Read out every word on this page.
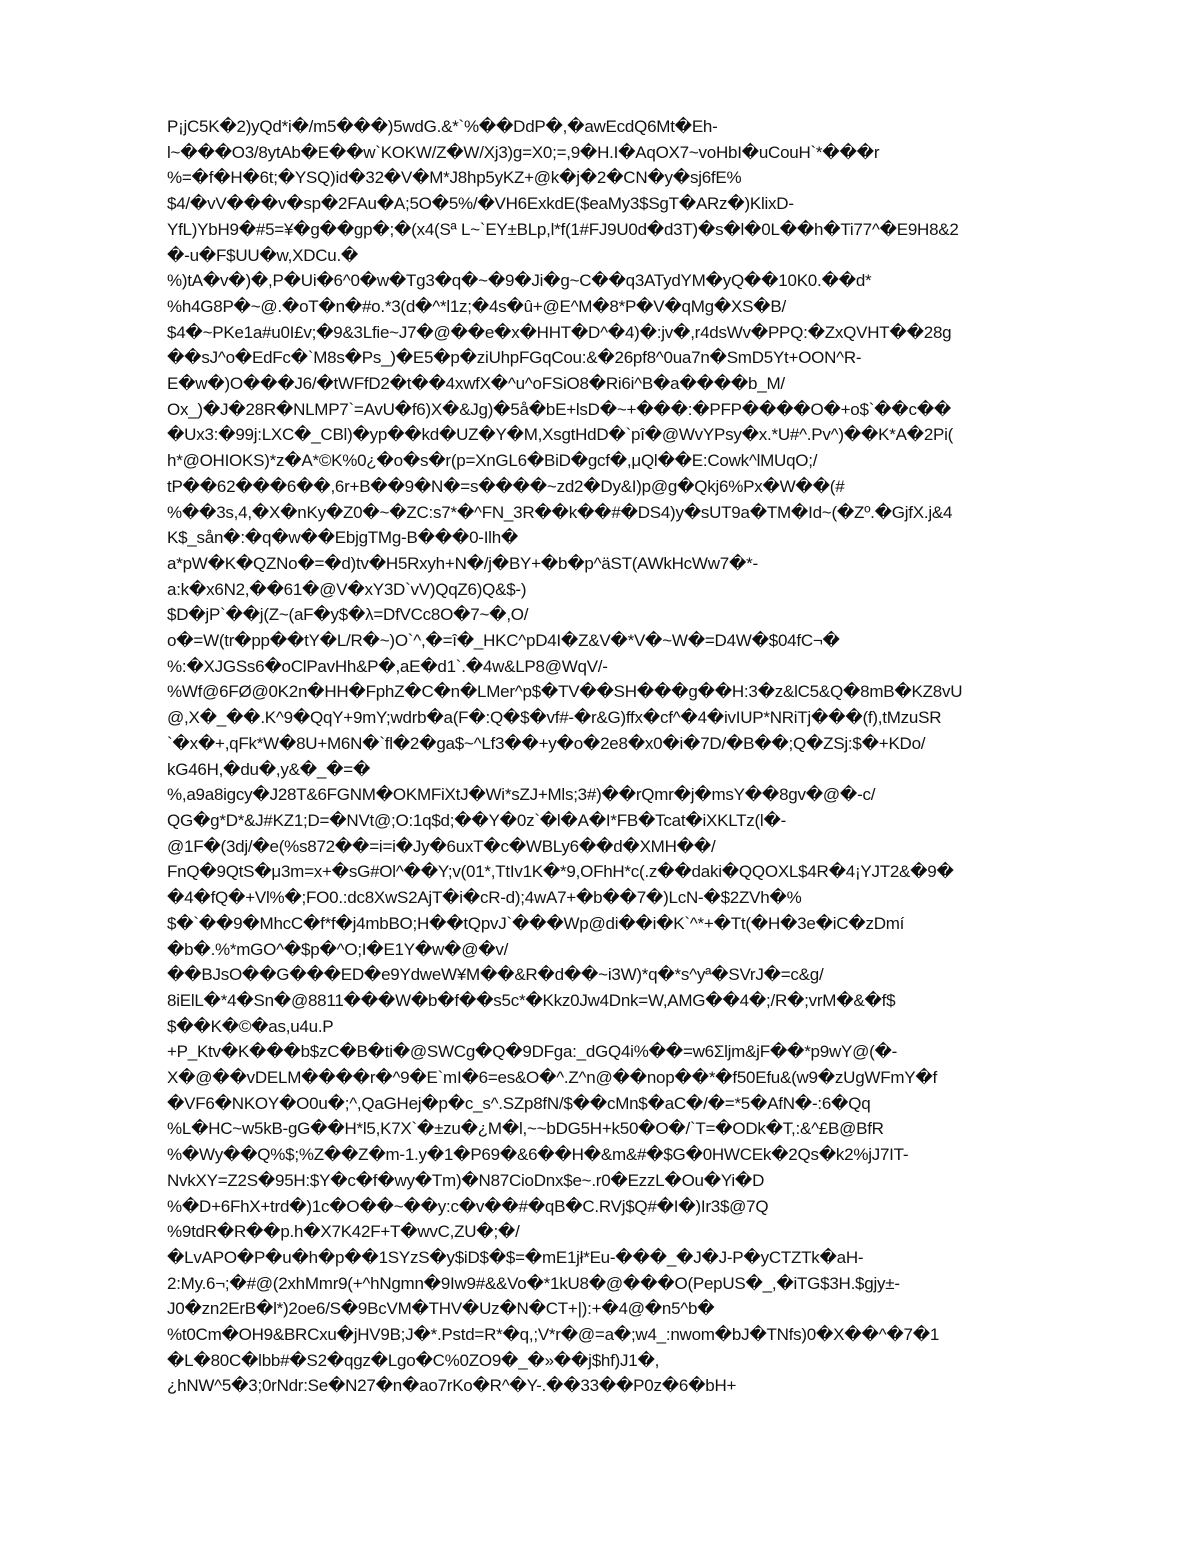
P¡jC5K�2)yQd*i�/m5���)5wdG.&*`%��DdP�,�awEcdQ6Mt�Eh-
l~���O3/8ytAb�E��w`KOKW/Z�W/Xj3)g=X0;=,9�H.I�AqOX7~voHbI�uCouH`*���r
%=�f�H�6t;�YSQ)id�32�V�M*J8hp5yKZ+@k�j�2�CN�y�sj6fE%
$4/�vV���v�sp�2FAu�A;5O�5%/�VH6ExkdE($eaMy3$SgT�ARz�)KlixD-
YfL)YbH9�#5=¥�g��gp�;�(x4(Sª L~`EY±BLp,l*f(1#FJ9U0d�d3T)�s�l�0L��h�Ti77^�E9H8&2
�-u�F$UU�w,XDCu.�
%)tA�v�)�,P�Ui�6^0�w�Tg3�q�~�9�Ji�g~C��q3ATydYM�yQ��10K0.��d*
%h4G8P�~@.�oT�n�#o.*3(d�^*l1z;�4s�û+@E^M�8*P�V�qMg�XS�B/
$4�~PKe1a#u0I£v;�9&3Lfie~J7�@��e�x�HHT�D^�4)�:jv�,r4dsWv�PPQ:�ZxQVHT��28g
��sJ^o�EdFc�`M8s�Ps_)�E5�p�ziUhpFGqCou:&�26pf8^0ua7n�SmD5Yt+OON^R-
E�w�)O���J6/�tWFfD2�t��4xwfX�^u^oFSiO8�Ri6i^B�a����b_M/
Ox_)�J�28R�NLMP7`=AvU�f6)X�&Jg)�5å�bE+lsD�~+���:�PFP����O�+o$`��c��
�Ux3:�99j:LXC�_CBl)�yp��kd�UZ�Y�M,XsgtHdD�`pî�@WvYPsy�x.*U#^.Pv^)��K*A�2Pi(
h*@OHIOKS)*z�A*©K%0¿�o�s�r(p=XnGL6�BiD�gcf�,μQl��E:Cowk^lMUqO;/
tP��62���6��,6r+B��9�N�=s����~zd2�Dy&I)p@g�Qkj6%Px�W��(#
%��3s,4,�X�nKy�Z0�~�ZC:s7*�^FN_3R��k��#�DS4)y�sUT9a�TM�Id~(�Zº.�GjfX.j&4
K$_sån�:�q�w��EbjgTMg-B���0-Ilh�
a*pW�K�QZNo�=�d)tv�H5Rxyh+N�/j�BY+�b�p^äST(AWkHcWw7�*-
a:k�x6N2,��61�@V�xY3D`vV)QqZ6)Q&$-)
$D�jP`��j(Z~(aF�y$�λ=DfVCc8O�7~�,O/
o�=W(tr�pp��tY�L/R�~)O`^,�=î�_HKC^pD4I�Z&V�*V�~W�=D4W�$04fC¬�
%:�XJGSs6�oClPavHh&P�,aE�d1`.�4w&LP8@WqV/-
%Wf@6FØ@0K2n�HH�FphZ�C�n�LMer^p$�TV��SH���g��H:3�z&lC5&Q�8mB�KZ8vU
@,X�_��.K^9�QqY+9mY;wdrb�a(F�:Q�$�vf#-�r&G)ffx�cf^�4�ivIUP*NRiTj���(f),tMzuSR
`�x�+,qFk*W�8U+M6N�`fl�2�ga$~^Lf3��+y�o�2e8�x0�i�7D/�B��;Q�ZSj:$�+KDo/
kG46H,�du�,y&�_�=�
%,a9a8igcy�J28T&6FGNM�OKMFiXtJ�Wi*sZJ+Mls;3#)��rQmr�j�msY��8gv�@�-c/
QG�g*D*&J#KZ1;D=�NVt@;O:1q$d;��Y�0z`�l�A�I*FB�Tcat�iXKLTz(l�-
@1F�(3dj/�e(%s872��=i=i�Jy�6uxT�c�WBLy6��d�XMH��/
FnQ�9QtS�μ3m=x+�sG#Ol^��Y;v(01*,TtIv1K�*9,OFhH*c(.z��daki�QQOXL$4R�4¡YJT2&�9�
�4�fQ�+Vl%�;FO0.:dc8XwS2AjT�i�cR-d);4wA7+�b��7�)LcN-�$2ZVh�%
$�`��9�MhcC�f*f�j4mbBO;H��tQpvJ`���Wp@di��i�K`^*+�Tt(�H�3e�iC�zDmí
�b�.%*mGO^�$p�^O;I�E1Y�w�@�v/
��BJsO��G���ED�e9YdweW¥M��&R�d��~i3W)*q�*s^yª�SVrJ�=c&g/
8iElL�*4�Sn�@8811���W�b�f��s5c*�Kkz0Jw4Dnk=W,AMG��4�;/R�;vrM�&�f$
$��K�©�as,u4u.P
+P_Ktv�K���b$zC�B�ti�@SWCg�Q�9DFga:_dGQ4i%��=w6Σljm&jF��*p9wY@(�-
X�@��vDELM����r�^9�E`mI�6=es&O�^.Z^n@��nop��*�f50Efu&(w9�zUgWFmY�f
�VF6�NKOY�O0u�;^,QaGHej�p�c_s^.SZp8fN/$��cMn$�aC�/�=*5�AfN�-:6�Qq
%L�HC~w5kB-gG��H*l5,K7X`�±zu�¿M�l,~~bDG5H+k50�O�/`T=�ODk�T,:&^£B@BfR
%�Wy��Q%$;%Z��Z�m-1.y�1�P69�&6��H�&m&#�$G�0HWCEk�2Qs�k2%jJ7IT-
NvkXY=Z2S�95H:$Y�c�f�wy�Tm)�N87CioDnx$e~.r0�EzzL�Ou�Yi�D
%�D+6FhX+trd�)1c�O��~��y:c�v��#�qB�C.RVj$Q#�I�)Ir3$@7Q
%9tdR�R��p.h�X7K42F+T�wvC,ZU�;�/
�LvAPO�P�u�h�p��1SYzS�y$iD$�$=�mE1jł*Eu-���_�J�J-P�yCTZTk�aH-
2:My.6¬;�#@(2xhMmr9(+^hNgmn�9Iw9#&&Vo�*1kU8�@���O(PepUS�_,�iTG$3H.$gjy±-
J0�zn2ErB�l*)2oe6/S�9BcVM�THV�Uz�N�CT+|):+�4@�n5^b�
%t0Cm�OH9&BRCxu�jHV9B;J�*.Pstd=R*�q,;V*r�@=a�;w4_:nwom�bJ�TNfs)0�X��^�7�1
�L�80C�lbb#�S2�qgz�Lgo�C%0ZO9�_�»��j$hf)J1�,
¿hNW^5�3;0rNdr:Se�N27�n�ao7rKo�R^�Y-.��33��P0z�6�bH+
